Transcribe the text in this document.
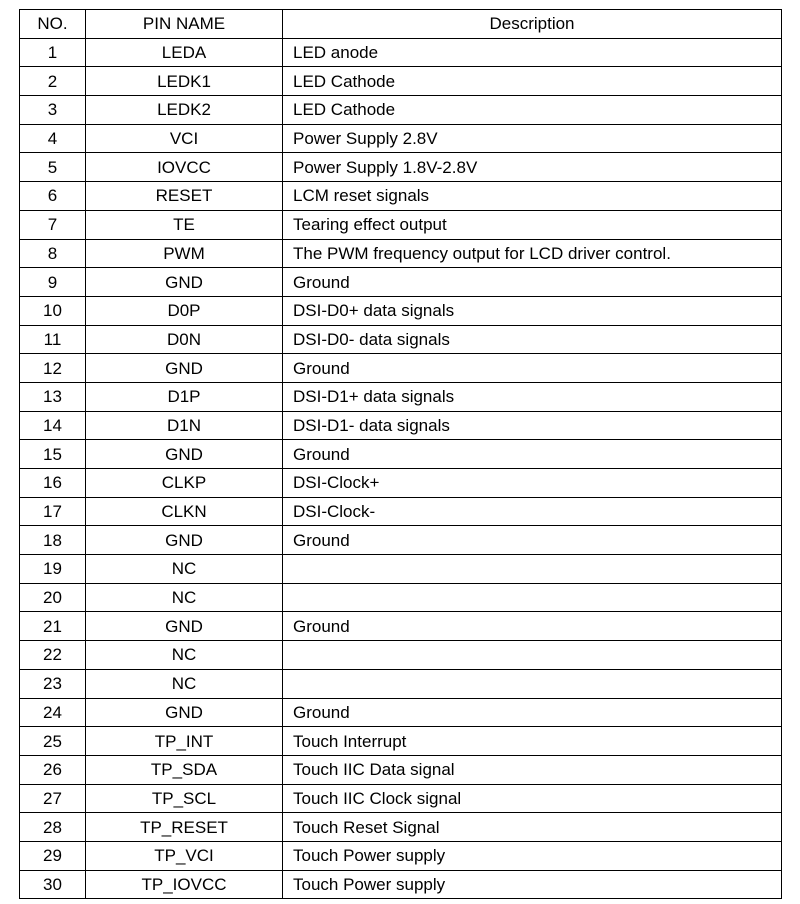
NO.	PIN NAME	Description
1	LEDA	LED anode
2	LEDK1	LED Cathode
3	LEDK2	LED Cathode
4	VCI	Power Supply 2.8V
5	IOVCC	Power Supply 1.8V-2.8V
6	RESET	LCM reset signals
7	TE	Tearing effect output
8	PWM	The PWM frequency output for LCD driver control.
9	GND	Ground
10	D0P	DSI-D0+ data signals
11	D0N	DSI-D0- data signals
12	GND	Ground
13	D1P	DSI-D1+ data signals
14	D1N	DSI-D1- data signals
15	GND	Ground
16	CLKP	DSI-Clock+
17	CLKN	DSI-Clock-
18	GND	Ground
19	NC	
20	NC	
21	GND	Ground
22	NC	
23	NC	
24	GND	Ground
25	TP_INT	Touch Interrupt
26	TP_SDA	Touch IIC Data signal
27	TP_SCL	Touch IIC Clock signal
28	TP_RESET	Touch Reset Signal
29	TP_VCI	Touch Power supply
30	TP_IOVCC	Touch Power supply
